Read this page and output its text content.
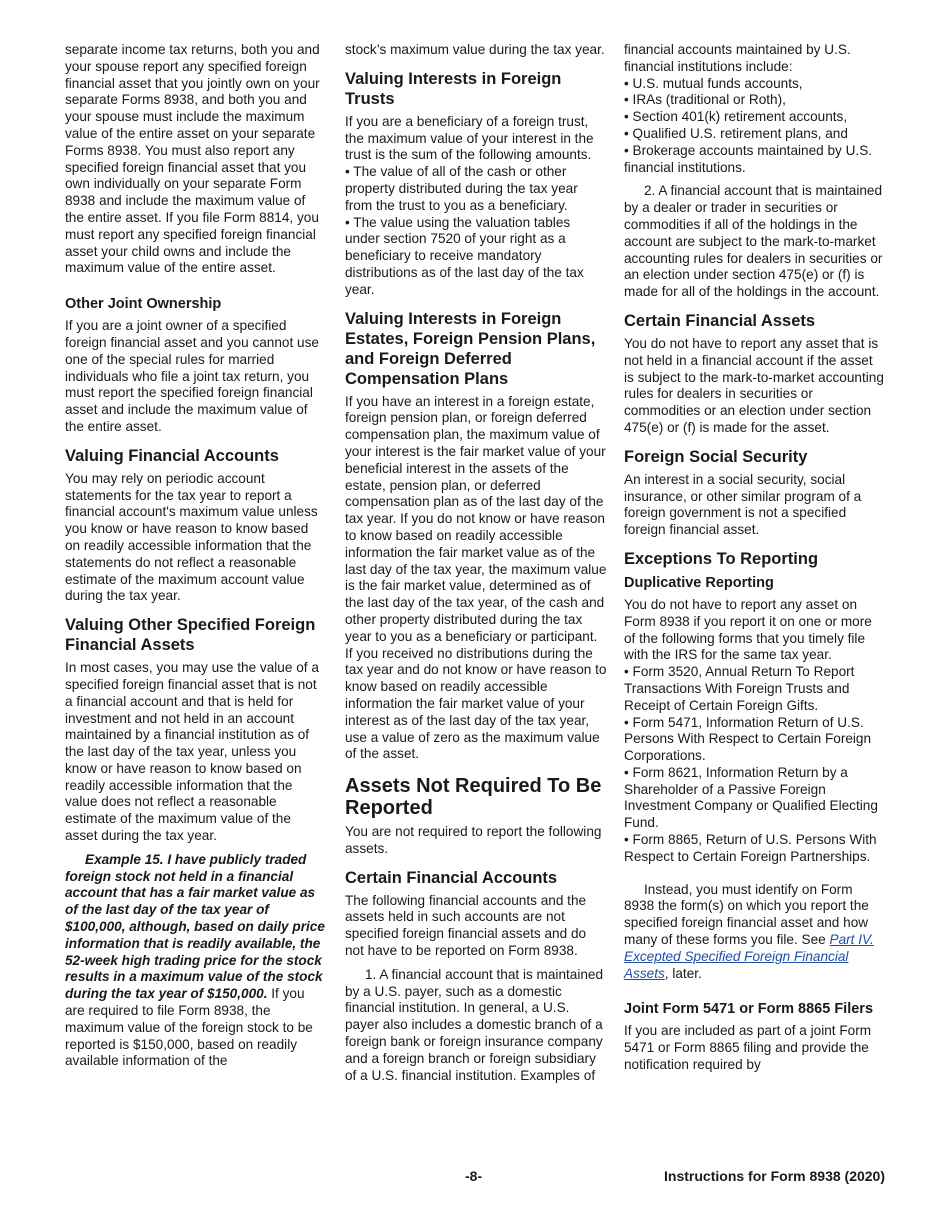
separate income tax returns, both you and your spouse report any specified foreign financial asset that you jointly own on your separate Forms 8938, and both you and your spouse must include the maximum value of the entire asset on your separate Forms 8938. You must also report any specified foreign financial asset that you own individually on your separate Form 8938 and include the maximum value of the entire asset. If you file Form 8814, you must report any specified foreign financial asset your child owns and include the maximum value of the entire asset.

Other Joint Ownership

If you are a joint owner of a specified foreign financial asset and you cannot use one of the special rules for married individuals who file a joint tax return, you must report the specified foreign financial asset and include the maximum value of the entire asset.

Valuing Financial Accounts

You may rely on periodic account statements for the tax year to report a financial account's maximum value unless you know or have reason to know based on readily accessible information that the statements do not reflect a reasonable estimate of the maximum account value during the tax year.

Valuing Other Specified Foreign Financial Assets

In most cases, you may use the value of a specified foreign financial asset that is not a financial account and that is held for investment and not held in an account maintained by a financial institution as of the last day of the tax year, unless you know or have reason to know based on readily accessible information that the value does not reflect a reasonable estimate of the maximum value of the asset during the tax year.

Example 15. I have publicly traded foreign stock not held in a financial account that has a fair market value as of the last day of the tax year of $100,000, although, based on daily price information that is readily available, the 52-week high trading price for the stock results in a maximum value of the stock during the tax year of $150,000. If you are required to file Form 8938, the maximum value of the foreign stock to be reported is $150,000, based on readily available information of the

stock’s maximum value during the tax year.

Valuing Interests in Foreign Trusts

If you are a beneficiary of a foreign trust, the maximum value of your interest in the trust is the sum of the following amounts.

• The value of all of the cash or other property distributed during the tax year from the trust to you as a beneficiary.

• The value using the valuation tables under section 7520 of your right as a beneficiary to receive mandatory distributions as of the last day of the tax year.

Valuing Interests in Foreign Estates, Foreign Pension Plans, and Foreign Deferred Compensation Plans

If you have an interest in a foreign estate, foreign pension plan, or foreign deferred compensation plan, the maximum value of your interest is the fair market value of your beneficial interest in the assets of the estate, pension plan, or deferred compensation plan as of the last day of the tax year. If you do not know or have reason to know based on readily accessible information the fair market value as of the last day of the tax year, the maximum value is the fair market value, determined as of the last day of the tax year, of the cash and other property distributed during the tax year to you as a beneficiary or participant. If you received no distributions during the tax year and do not know or have reason to know based on readily accessible information the fair market value of your interest as of the last day of the tax year, use a value of zero as the maximum value of the asset.

Assets Not Required To Be Reported

You are not required to report the following assets.

Certain Financial Accounts

The following financial accounts and the assets held in such accounts are not specified foreign financial assets and do not have to be reported on Form 8938.

1. A financial account that is maintained by a U.S. payer, such as a domestic financial institution. In general, a U.S. payer also includes a domestic branch of a foreign bank or foreign insurance company and a foreign branch or foreign subsidiary of a U.S. financial institution. Examples of

financial accounts maintained by U.S. financial institutions include:

• U.S. mutual funds accounts,

• IRAs (traditional or Roth),

• Section 401(k) retirement accounts,

• Qualified U.S. retirement plans, and

• Brokerage accounts maintained by U.S. financial institutions.

2. A financial account that is maintained by a dealer or trader in securities or commodities if all of the holdings in the account are subject to the mark-to-market accounting rules for dealers in securities or an election under section 475(e) or (f) is made for all of the holdings in the account.

Certain Financial Assets

You do not have to report any asset that is not held in a financial account if the asset is subject to the mark-to-market accounting rules for dealers in securities or commodities or an election under section 475(e) or (f) is made for the asset.

Foreign Social Security

An interest in a social security, social insurance, or other similar program of a foreign government is not a specified foreign financial asset.

Exceptions To Reporting
Duplicative Reporting

You do not have to report any asset on Form 8938 if you report it on one or more of the following forms that you timely file with the IRS for the same tax year.

• Form 3520, Annual Return To Report Transactions With Foreign Trusts and Receipt of Certain Foreign Gifts.

• Form 5471, Information Return of U.S. Persons With Respect to Certain Foreign Corporations.

• Form 8621, Information Return by a Shareholder of a Passive Foreign Investment Company or Qualified Electing Fund.

• Form 8865, Return of U.S. Persons With Respect to Certain Foreign Partnerships.

Instead, you must identify on Form 8938 the form(s) on which you report the specified foreign financial asset and how many of these forms you file. See Part IV. Excepted Specified Foreign Financial Assets, later.

Joint Form 5471 or Form 8865 Filers

If you are included as part of a joint Form 5471 or Form 8865 filing and provide the notification required by

-8-	Instructions for Form 8938 (2020)
